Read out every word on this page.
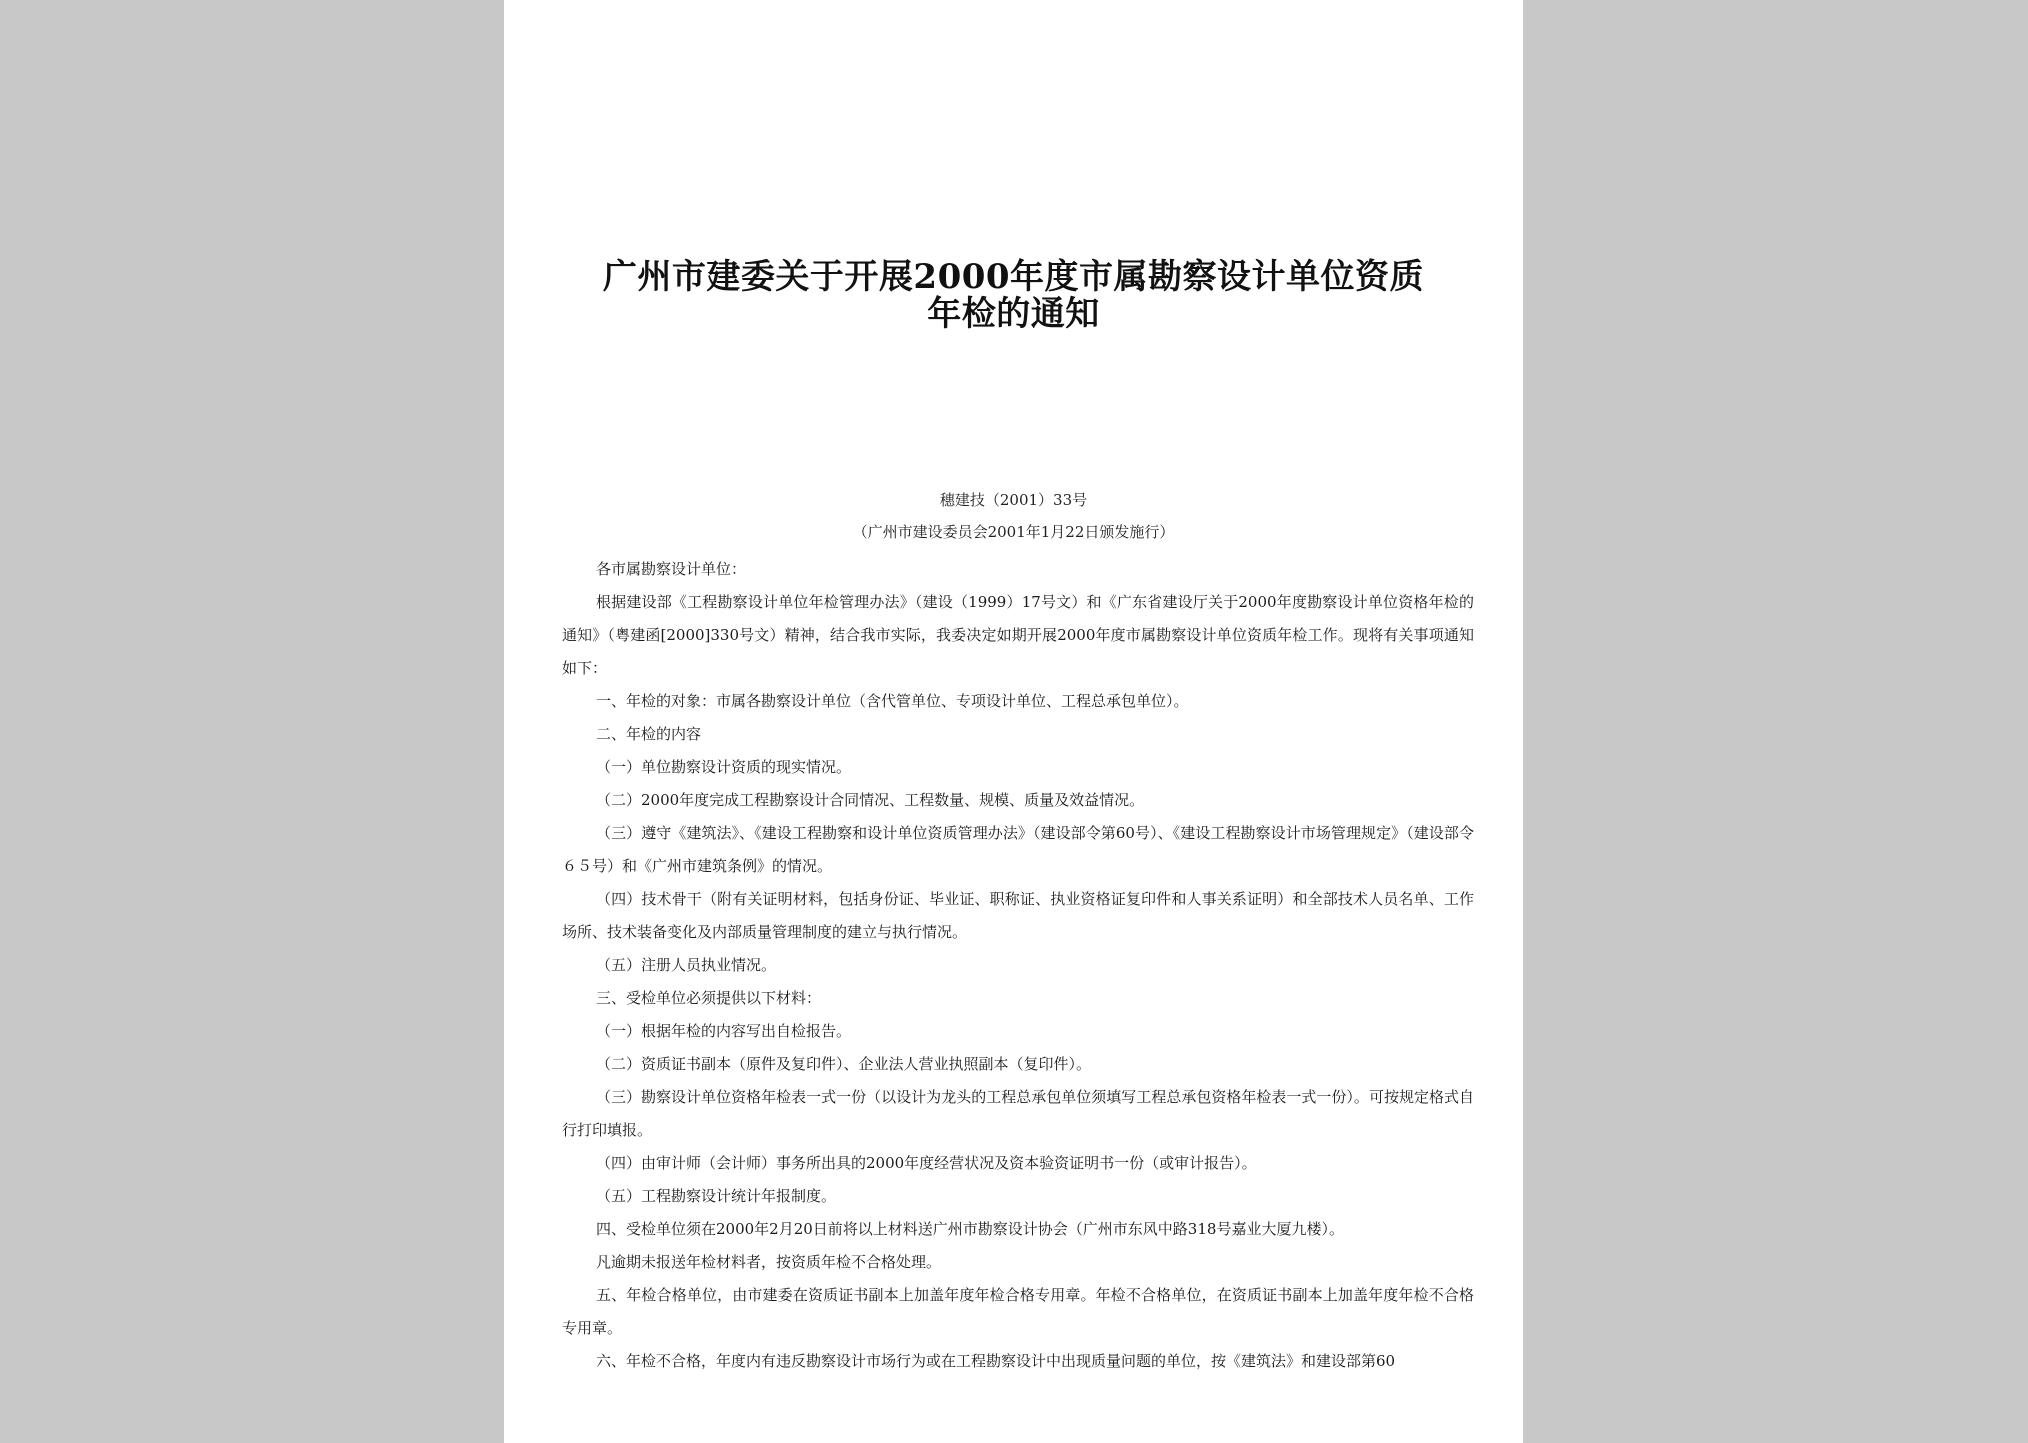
广州市建委关于开展2000年度市属勘察设计单位资质
年检的通知
穗建技（2001）33号
（广州市建设委员会2001年1月22日颁发施行）

各市属勘察设计单位：

根据建设部《工程勘察设计单位年检管理办法》（建设（1999）17号文）和《广东省建设厅关于2000年度勘察设计单位资格年检的通知》（粤建函[2000]330号文）精神，结合我市实际，我委决定如期开展2000年度市属勘察设计单位资质年检工作。现将有关事项通知如下：

一、年检的对象：市属各勘察设计单位（含代管单位、专项设计单位、工程总承包单位）。

二、年检的内容

（一）单位勘察设计资质的现实情况。

（二）2000年度完成工程勘察设计合同情况、工程数量、规模、质量及效益情况。

（三）遵守《建筑法》、《建设工程勘察和设计单位资质管理办法》（建设部令第60号）、《建设工程勘察设计市场管理规定》（建设部令６５号）和《广州市建筑条例》的情况。

（四）技术骨干（附有关证明材料，包括身份证、毕业证、职称证、执业资格证复印件和人事关系证明）和全部技术人员名单、工作场所、技术装备变化及内部质量管理制度的建立与执行情况。

（五）注册人员执业情况。

三、受检单位必须提供以下材料：

（一）根据年检的内容写出自检报告。

（二）资质证书副本（原件及复印件）、企业法人营业执照副本（复印件）。

（三）勘察设计单位资格年检表一式一份（以设计为龙头的工程总承包单位须填写工程总承包资格年检表一式一份）。可按规定格式自行打印填报。

（四）由审计师（会计师）事务所出具的2000年度经营状况及资本验资证明书一份（或审计报告）。

（五）工程勘察设计统计年报制度。

四、受检单位须在2000年2月20日前将以上材料送广州市勘察设计协会（广州市东风中路318号嘉业大厦九楼）。

凡逾期未报送年检材料者，按资质年检不合格处理。

五、年检合格单位，由市建委在资质证书副本上加盖年度年检合格专用章。年检不合格单位，在资质证书副本上加盖年度年检不合格专用章。

六、年检不合格，年度内有违反勘察设计市场行为或在工程勘察设计中出现质量问题的单位，按《建筑法》和建设部第60
